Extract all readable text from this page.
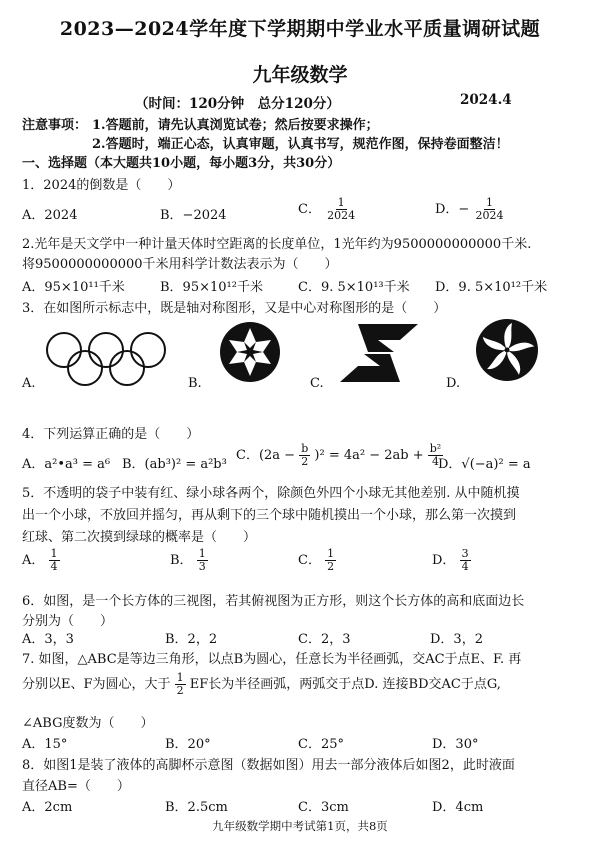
2023—2024学年度下学期期中学业水平质量调研试题
九年级数学
（时间：120分钟　总分120分）	2024.4
注意事项： 1.答题前，请先认真浏览试卷；然后按要求操作；
2.答题时，端正心态，认真审题，认真书写，规范作图，保持卷面整洁！
一、选择题（本大题共10小题，每小题3分，共30分）
1．2024的倒数是（　　）
A．2024	B．−2024	C． $\frac{1}{2024}$	D．− $\frac{1}{2024}$
2.光年是天文学中一种计量天体时空距离的长度单位，1光年约为9500000000000千米.
将9500000000000千米用科学计数法表示为（　　）
A．95×10¹¹千米	B．95×10¹²千米	C．9. 5×10¹³千米 D．9. 5×10¹²千米
3．在如图所示标志中，既是轴对称图形，又是中心对称图形的是（　　）
A.	B.	C.	D.
4．下列运算正确的是（　　）
A．a²•a³ = a⁶ B．(ab³)² = a²b³
C．$(2a - \frac{b}{2} )^2 = 4a^2 - 2ab + \frac{\text{b²}}{4}$
D．√(−a)² = a
5．不透明的袋子中装有红、绿小球各两个，除颜色外四个小球无其他差别. 从中随机摸
出一个小球，不放回并摇匀，再从剩下的三个球中随机摸出一个小球，那么第一次摸到
红球、第二次摸到绿球的概率是（　　）
A． $\frac{1}{4}$	B． $\frac{1}{3}$	C． $\frac{1}{2}$	D． $\frac{3}{4}$
6．如图，是一个长方体的三视图，若其俯视图为正方形，则这个长方体的高和底面边长
分别为（　　）
A．3，3	B．2，2	C．2，3	D．3，2
7. 如图，△ABC是等边三角形，以点B为圆心，任意长为半径画弧，交AC于点E、F. 再
分别以E、F为圆心，大于 $\frac{1}{2}$ EF长为半径画弧，两弧交于点D. 连接BD交AC于点G,
∠ABG度数为（　　）
A．15°	B．20°	C．25°	D．30°
8．如图1是装了液体的高脚杯示意图（数据如图）用去一部分液体后如图2，此时液面
直径AB=（　　）
A．2cm	B．2.5cm	C．3cm	D．4cm
九年级数学期中考试第1页，共8页
